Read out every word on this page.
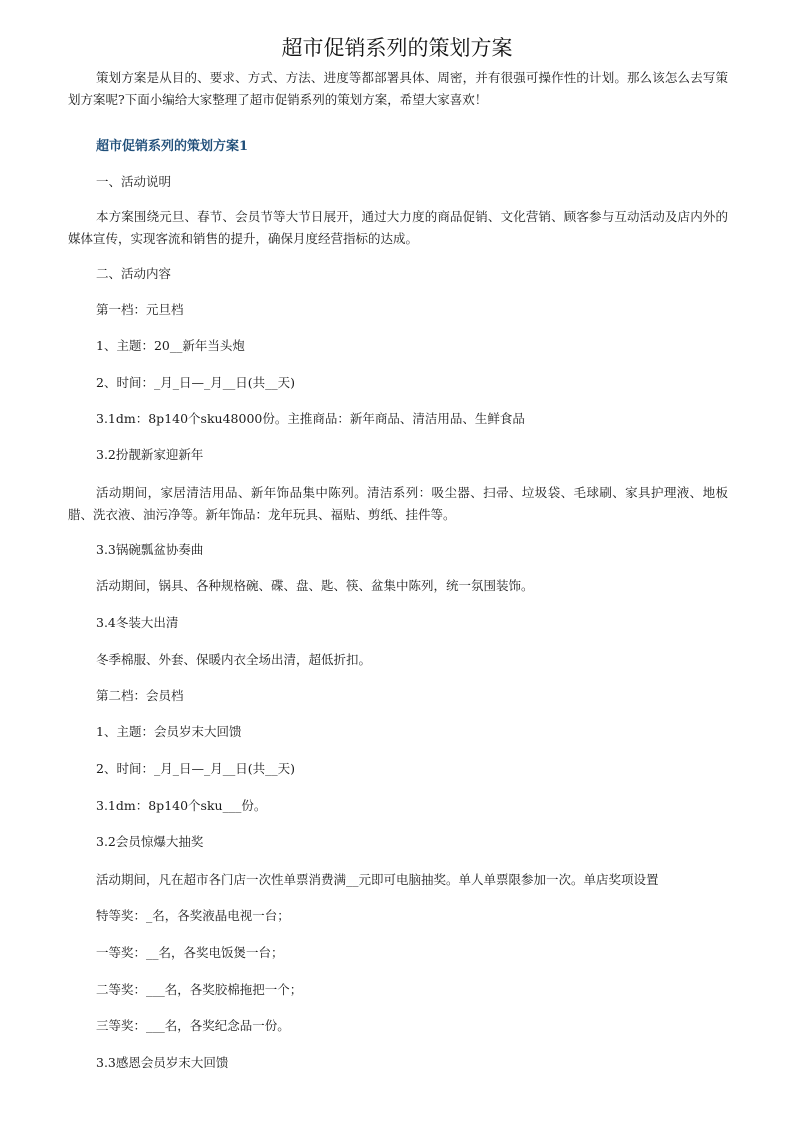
超市促销系列的策划方案

策划方案是从目的、要求、方式、方法、进度等都部署具体、周密，并有很强可操作性的计划。那么该怎么去写策划方案呢?下面小编给大家整理了超市促销系列的策划方案，希望大家喜欢！

超市促销系列的策划方案1

一、活动说明

本方案围绕元旦、春节、会员节等大节日展开，通过大力度的商品促销、文化营销、顾客参与互动活动及店内外的媒体宣传，实现客流和销售的提升，确保月度经营指标的达成。

二、活动内容

第一档：元旦档

1、主题：20__新年当头炮

2、时间：_月_日—_月__日(共__天)

3.1dm：8p140个sku48000份。主推商品：新年商品、清洁用品、生鲜食品

3.2扮靓新家迎新年

活动期间，家居清洁用品、新年饰品集中陈列。清洁系列：吸尘器、扫帚、垃圾袋、毛球刷、家具护理液、地板腊、洗衣液、油污净等。新年饰品：龙年玩具、福贴、剪纸、挂件等。

3.3锅碗瓢盆协奏曲

活动期间，锅具、各种规格碗、碟、盘、匙、筷、盆集中陈列，统一氛围装饰。

3.4冬装大出清

冬季棉服、外套、保暖内衣全场出清，超低折扣。

第二档：会员档

1、主题：会员岁末大回馈

2、时间：_月_日—_月__日(共__天)

3.1dm：8p140个sku___份。

3.2会员惊爆大抽奖

活动期间，凡在超市各门店一次性单票消费满__元即可电脑抽奖。单人单票限参加一次。单店奖项设置

特等奖：_名，各奖液晶电视一台；

一等奖：__名，各奖电饭煲一台；

二等奖：___名，各奖胶棉拖把一个；

三等奖：___名，各奖纪念品一份。

3.3感恩会员岁末大回馈
